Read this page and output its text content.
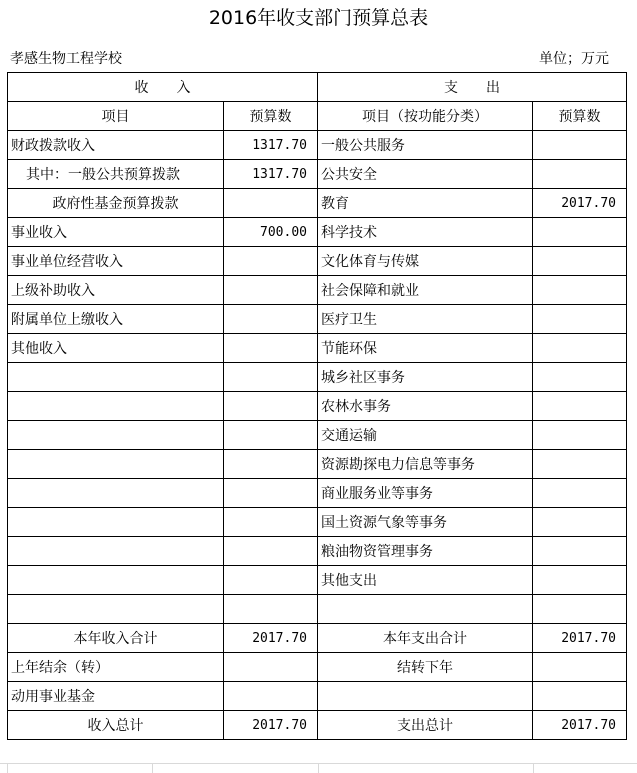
2016年收支部门预算总表
孝感生物工程学校	单位；万元
收　　入		支　　出	
项目	预算数	项目（按功能分类）	预算数
财政拨款收入	1317.70	一般公共服务	
其中：一般公共预算拨款	1317.70	公共安全	
政府性基金预算拨款		教育	2017.70
事业收入	700.00	科学技术	
事业单位经营收入		文化体育与传媒	
上级补助收入		社会保障和就业	
附属单位上缴收入		医疗卫生	
其他收入		节能环保	
		城乡社区事务	
		农林水事务	
		交通运输	
		资源勘探电力信息等事务	
		商业服务业等事务	
		国土资源气象等事务	
		粮油物资管理事务	
		其他支出	

本年收入合计	2017.70	本年支出合计	2017.70
上年结余（转）		结转下年	
动用事业基金			
收入总计	2017.70	支出总计	2017.70
